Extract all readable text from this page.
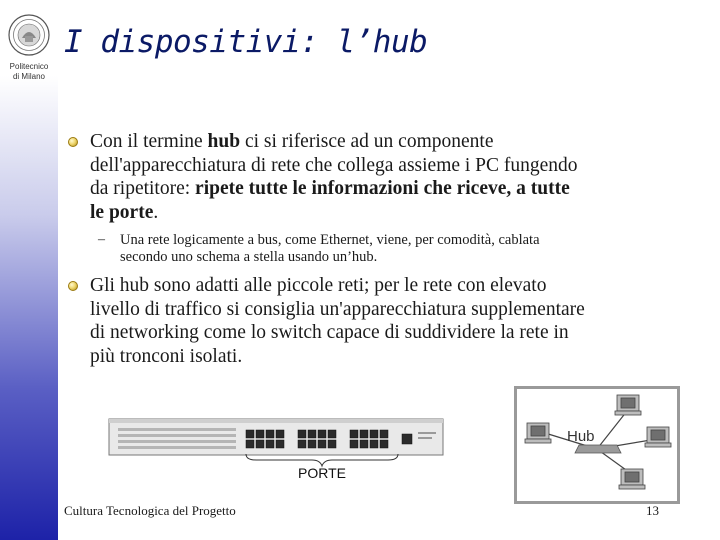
Politecnico
di Milano
I dispositivi: l’hub
Con il termine hub ci si riferisce ad un componente
dell'apparecchiatura di rete che collega assieme i PC fungendo
da ripetitore: ripete tutte le informazioni che riceve, a tutte
le porte.
– Una rete logicamente a bus, come Ethernet, viene, per comodità, cablata
secondo uno schema a stella usando un’hub.
Gli hub sono adatti alle piccole reti; per le rete con elevato
livello di traffico si consiglia un'apparecchiatura supplementare
di networking come lo switch capace di suddividere la rete in
più tronconi isolati.
PORTE
Hub
Cultura Tecnologica del Progetto	13
